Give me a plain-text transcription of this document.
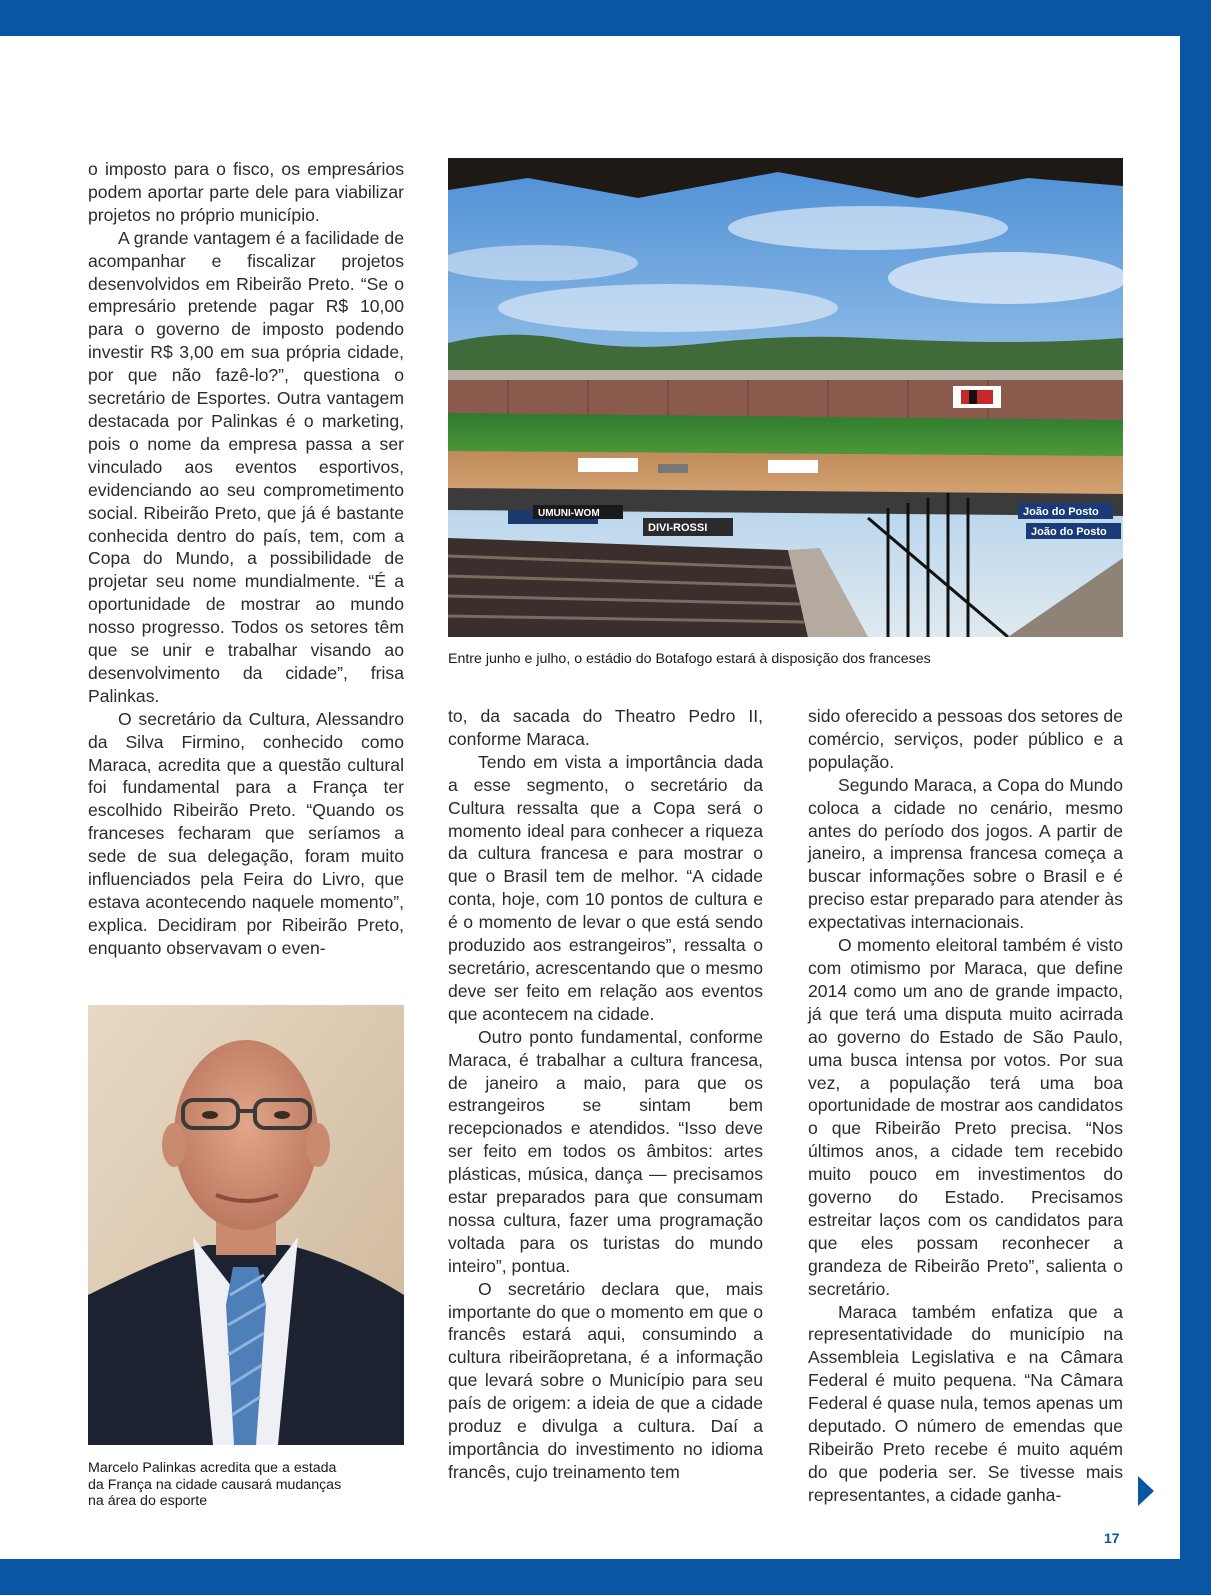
o imposto para o fisco, os empresários podem aportar parte dele para viabilizar projetos no próprio município.

A grande vantagem é a facilidade de acompanhar e fiscalizar projetos desenvolvidos em Ribeirão Preto. “Se o empresário pretende pagar R$ 10,00 para o governo de imposto podendo investir R$ 3,00 em sua própria cidade, por que não fazê-lo?”, questiona o secretário de Esportes. Outra vantagem destacada por Palinkas é o marketing, pois o nome da empresa passa a ser vinculado aos eventos esportivos, evidenciando ao seu comprometimento social. Ribeirão Preto, que já é bastante conhecida dentro do país, tem, com a Copa do Mundo, a possibilidade de projetar seu nome mundialmente. “É a oportunidade de mostrar ao mundo nosso progresso. Todos os setores têm que se unir e trabalhar visando ao desenvolvimento da cidade”, frisa Palinkas.

O secretário da Cultura, Alessandro da Silva Firmino, conhecido como Maraca, acredita que a questão cultural foi fundamental para a França ter escolhido Ribeirão Preto. “Quando os franceses fecharam que seríamos a sede de sua delegação, foram muito influenciados pela Feira do Livro, que estava acontecendo naquele momento”, explica. Decidiram por Ribeirão Preto, enquanto observavam o even-

DIVI-ROSSI
UMUNI-WOM	João do Posto
João do Posto
Entre junho e julho, o estádio do Botafogo estará à disposição dos franceses
Marcelo Palinkas acredita que a estada da França na cidade causará mudanças na área do esporte

to, da sacada do Theatro Pedro II, conforme Maraca.

Tendo em vista a importância dada a esse segmento, o secretário da Cultura ressalta que a Copa será o momento ideal para conhecer a riqueza da cultura francesa e para mostrar o que o Brasil tem de melhor. “A cidade conta, hoje, com 10 pontos de cultura e é o momento de levar o que está sendo produzido aos estrangeiros”, ressalta o secretário, acrescentando que o mesmo deve ser feito em relação aos eventos que acontecem na cidade.

Outro ponto fundamental, conforme Maraca, é trabalhar a cultura francesa, de janeiro a maio, para que os estrangeiros se sintam bem recepcionados e atendidos. “Isso deve ser feito em todos os âmbitos: artes plásticas, música, dança — precisamos estar preparados para que consumam nossa cultura, fazer uma programação voltada para os turistas do mundo inteiro”, pontua.

O secretário declara que, mais importante do que o momento em que o francês estará aqui, consumindo a cultura ribeirãopretana, é a informação que levará sobre o Município para seu país de origem: a ideia de que a cidade produz e divulga a cultura. Daí a importância do investimento no idioma francês, cujo treinamento tem

sido oferecido a pessoas dos setores de comércio, serviços, poder público e a população.

Segundo Maraca, a Copa do Mundo coloca a cidade no cenário, mesmo antes do período dos jogos. A partir de janeiro, a imprensa francesa começa a buscar informações sobre o Brasil e é preciso estar preparado para atender às expectativas internacionais.

O momento eleitoral também é visto com otimismo por Maraca, que define 2014 como um ano de grande impacto, já que terá uma disputa muito acirrada ao governo do Estado de São Paulo, uma busca intensa por votos. Por sua vez, a população terá uma boa oportunidade de mostrar aos candidatos o que Ribeirão Preto precisa. “Nos últimos anos, a cidade tem recebido muito pouco em investimentos do governo do Estado. Precisamos estreitar laços com os candidatos para que eles possam reconhecer a grandeza de Ribeirão Preto”, salienta o secretário.

Maraca também enfatiza que a representatividade do município na Assembleia Legislativa e na Câmara Federal é muito pequena. “Na Câmara Federal é quase nula, temos apenas um deputado. O número de emendas que Ribeirão Preto recebe é muito aquém do que poderia ser. Se tivesse mais representantes, a cidade ganha-

17
